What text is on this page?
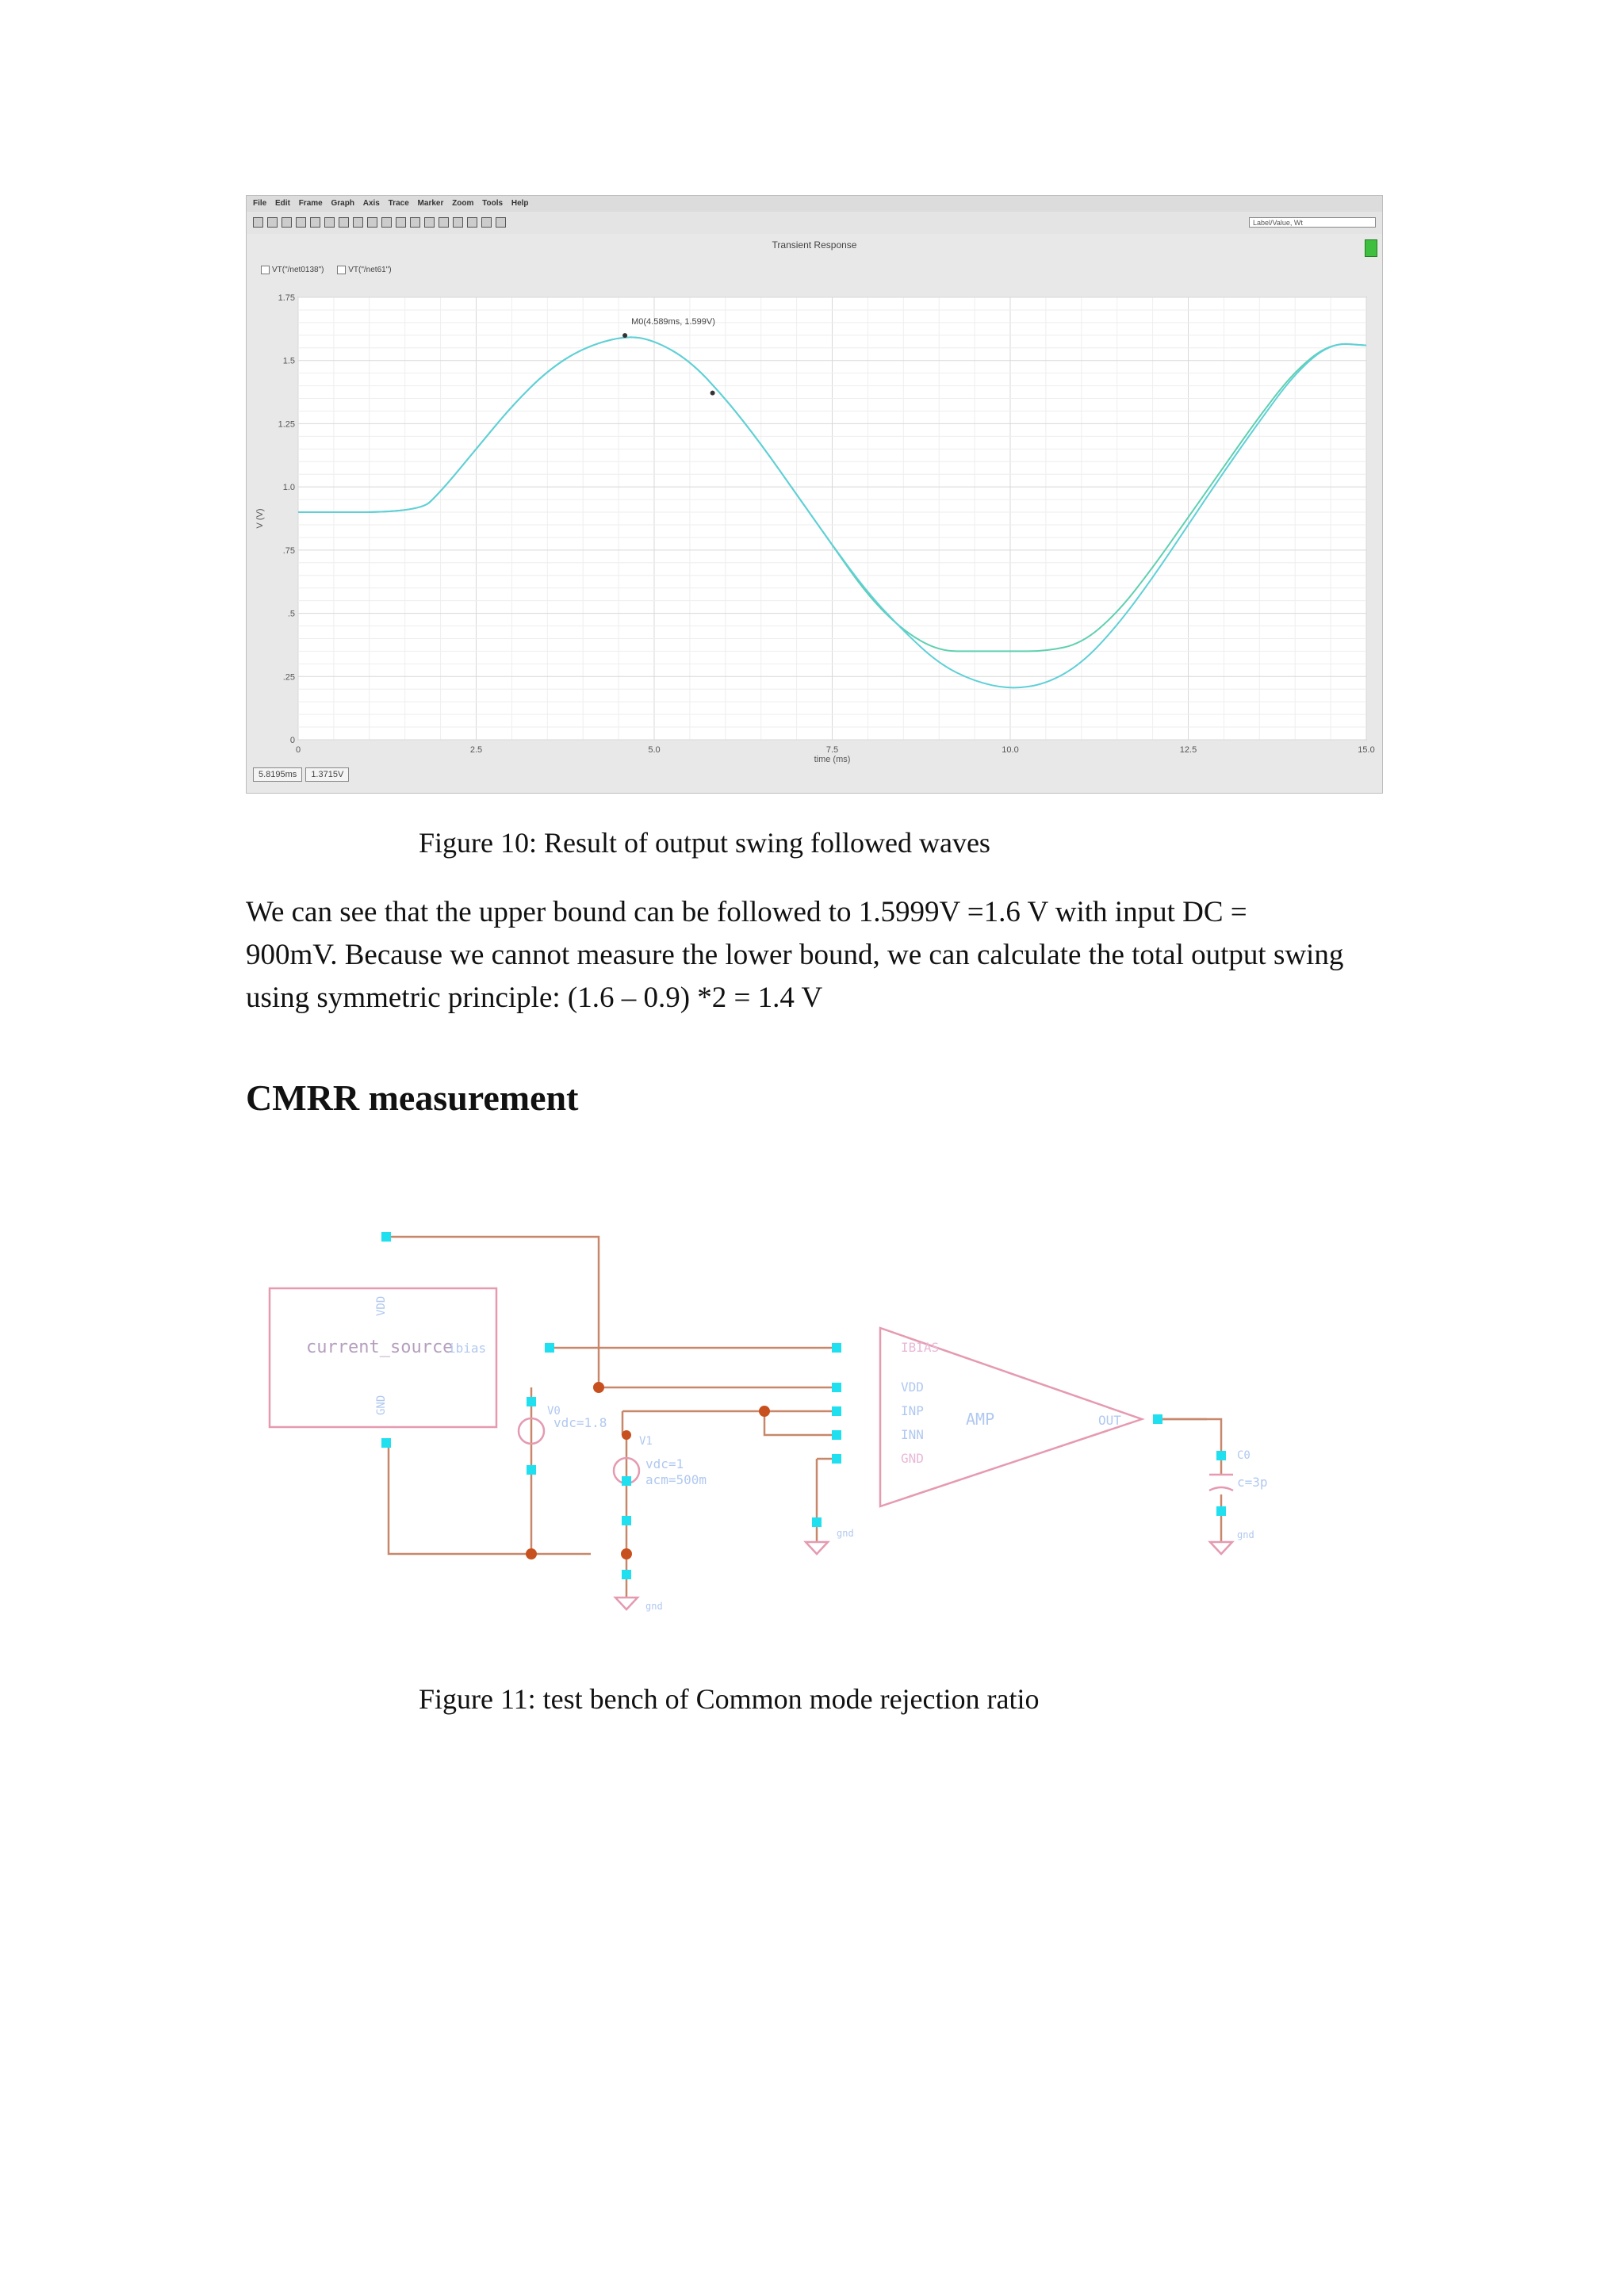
File Edit Frame Graph Axis Trace Marker Zoom Tools Help
Label/Value, Wt
Transient Response
VT("/net0138")	VT("/net61")
0	2.5	5.0	7.5	10.0	12.5	15.0
0
.25
.5
.75
1.0
1.25
1.5
1.75
time (ms)
V (V)
M0(4.589ms, 1.599V)
5.8195ms 1.3715V
Figure 10: Result of output swing followed waves
We can see that the upper bound can be followed to 1.5999V =1.6 V with input DC =
900mV. Because we cannot measure the lower bound, we can calculate the total output swing
using symmetric principle: (1.6 – 0.9) *2 = 1.4 V
CMRR measurement
current_source
ibias
VDD
GND	V0
vdc=1.8
V1
vdc=1
acm=500m
IBIAS
VDD
INP
INN
GND
AMP	OUT
C0
c=3p
gnd
gnd
gnd
Figure 11: test bench of Common mode rejection ratio
